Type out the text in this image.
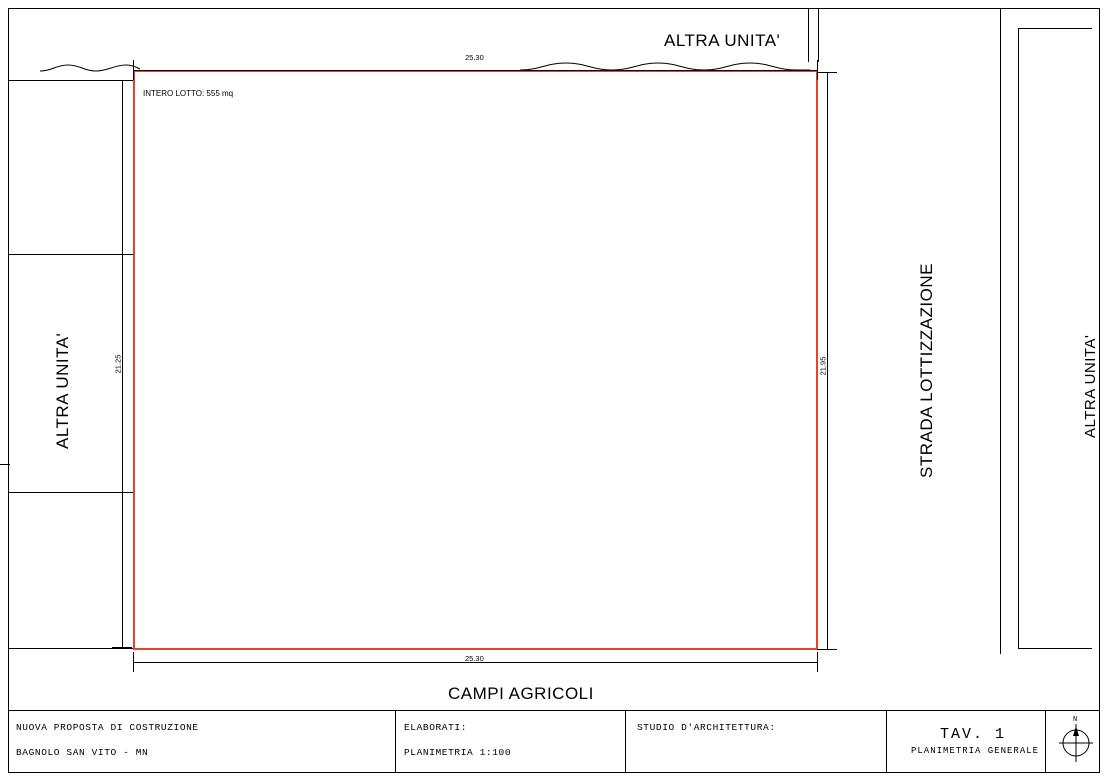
ALTRA UNITA'
INTERO LOTTO: 555 mq
25.30
25.30
21.25	21.95	STRADA LOTTIZZAZIONE	ALTRA UNITA'
ALTRA UNITA'
CAMPI AGRICOLI
NUOVA PROPOSTA DI COSTRUZIONE
BAGNOLO SAN VITO - MN
ELABORATI:
PLANIMETRIA 1:100
STUDIO D'ARCHITETTURA:	TAV. 1
PLANIMETRIA GENERALE
N
